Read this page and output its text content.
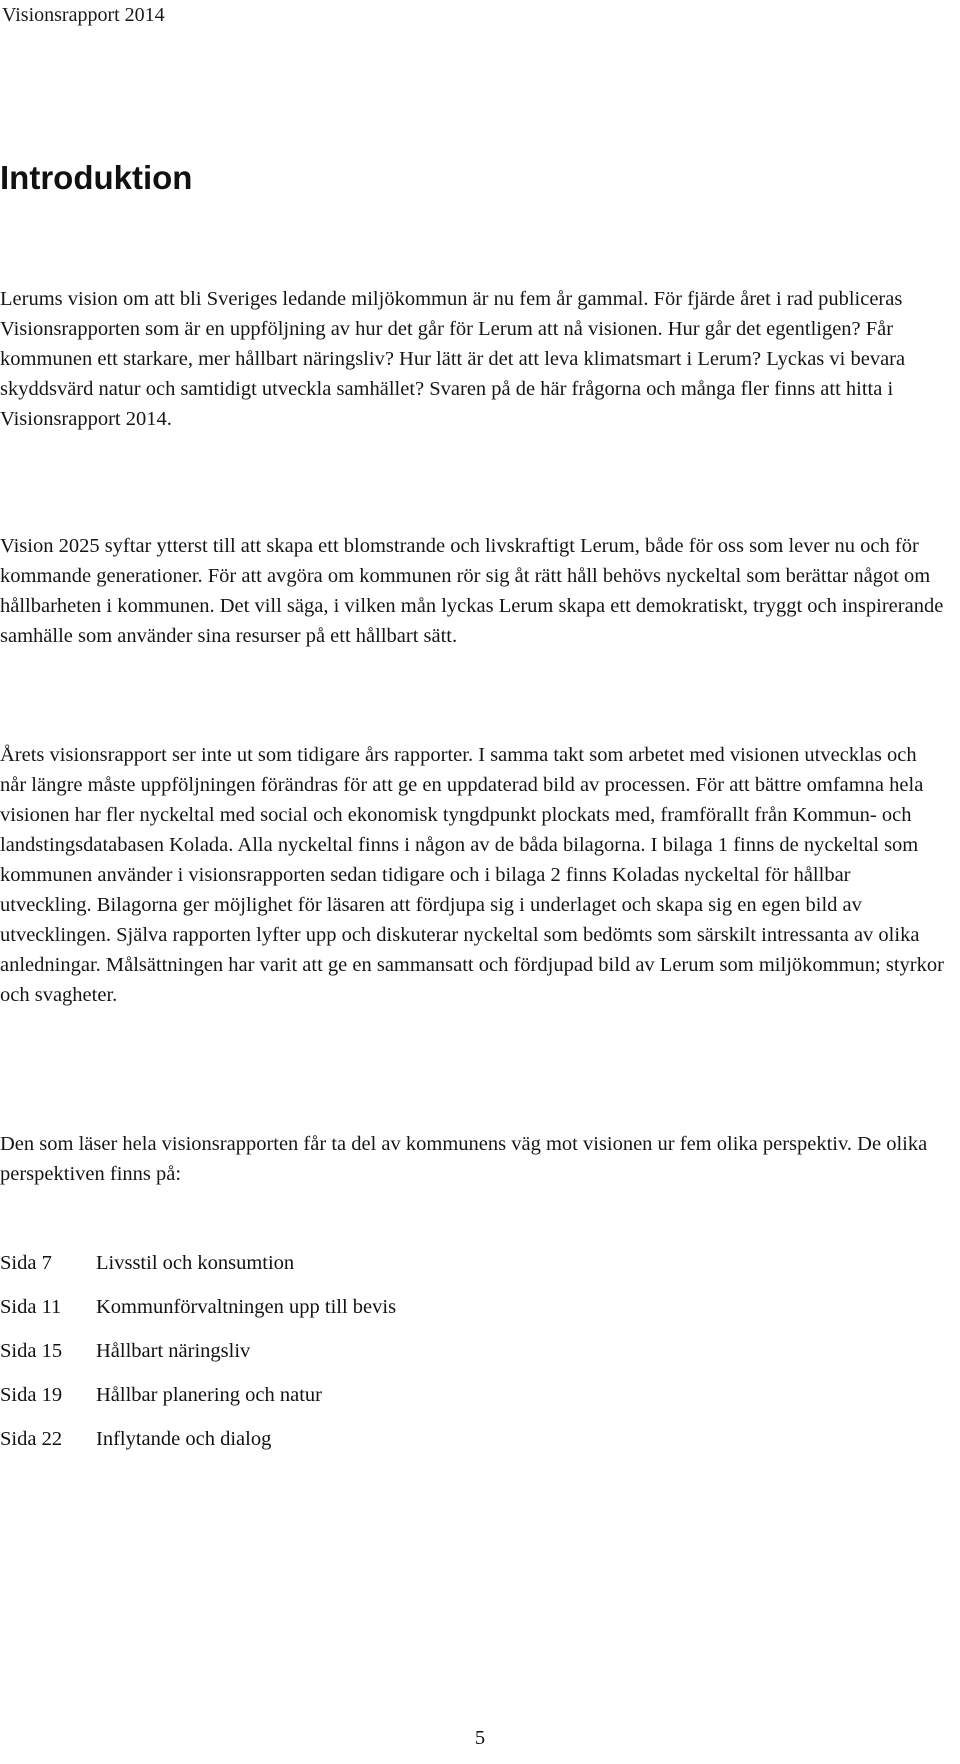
Visionsrapport 2014

Introduktion

Lerums vision om att bli Sveriges ledande miljökommun är nu fem år gammal. För fjärde året i rad publiceras Visionsrapporten som är en uppföljning av hur det går för Lerum att nå visionen. Hur går det egentligen? Får kommunen ett starkare, mer hållbart näringsliv? Hur lätt är det att leva klimatsmart i Lerum? Lyckas vi bevara skyddsvärd natur och samtidigt utveckla samhället? Svaren på de här frågorna och många fler finns att hitta i Visionsrapport 2014.

Vision 2025 syftar ytterst till att skapa ett blomstrande och livskraftigt Lerum, både för oss som lever nu och för kommande generationer. För att avgöra om kommunen rör sig åt rätt håll behövs nyckeltal som berättar något om hållbarheten i kommunen. Det vill säga, i vilken mån lyckas Lerum skapa ett demokratiskt, tryggt och inspirerande samhälle som använder sina resurser på ett hållbart sätt.

Årets visionsrapport ser inte ut som tidigare års rapporter. I samma takt som arbetet med visionen utvecklas och når längre måste uppföljningen förändras för att ge en uppdaterad bild av processen. För att bättre omfamna hela visionen har fler nyckeltal med social och ekonomisk tyngdpunkt plockats med, framförallt från Kommun- och landstingsdatabasen Kolada. Alla nyckeltal finns i någon av de båda bilagorna. I bilaga 1 finns de nyckeltal som kommunen använder i visionsrapporten sedan tidigare och i bilaga 2 finns Koladas nyckeltal för hållbar utveckling. Bilagorna ger möjlighet för läsaren att fördjupa sig i underlaget och skapa sig en egen bild av utvecklingen. Själva rapporten lyfter upp och diskuterar nyckeltal som bedömts som särskilt intressanta av olika anledningar. Målsättningen har varit att ge en sammansatt och fördjupad bild av Lerum som miljökommun; styrkor och svagheter.

Den som läser hela visionsrapporten får ta del av kommunens väg mot visionen ur fem olika perspektiv. De olika perspektiven finns på:

Sida 7	Livsstil och konsumtion
Sida 11	Kommunförvaltningen upp till bevis
Sida 15	Hållbart näringsliv
Sida 19	Hållbar planering och natur
Sida 22	Inflytande och dialog

5
